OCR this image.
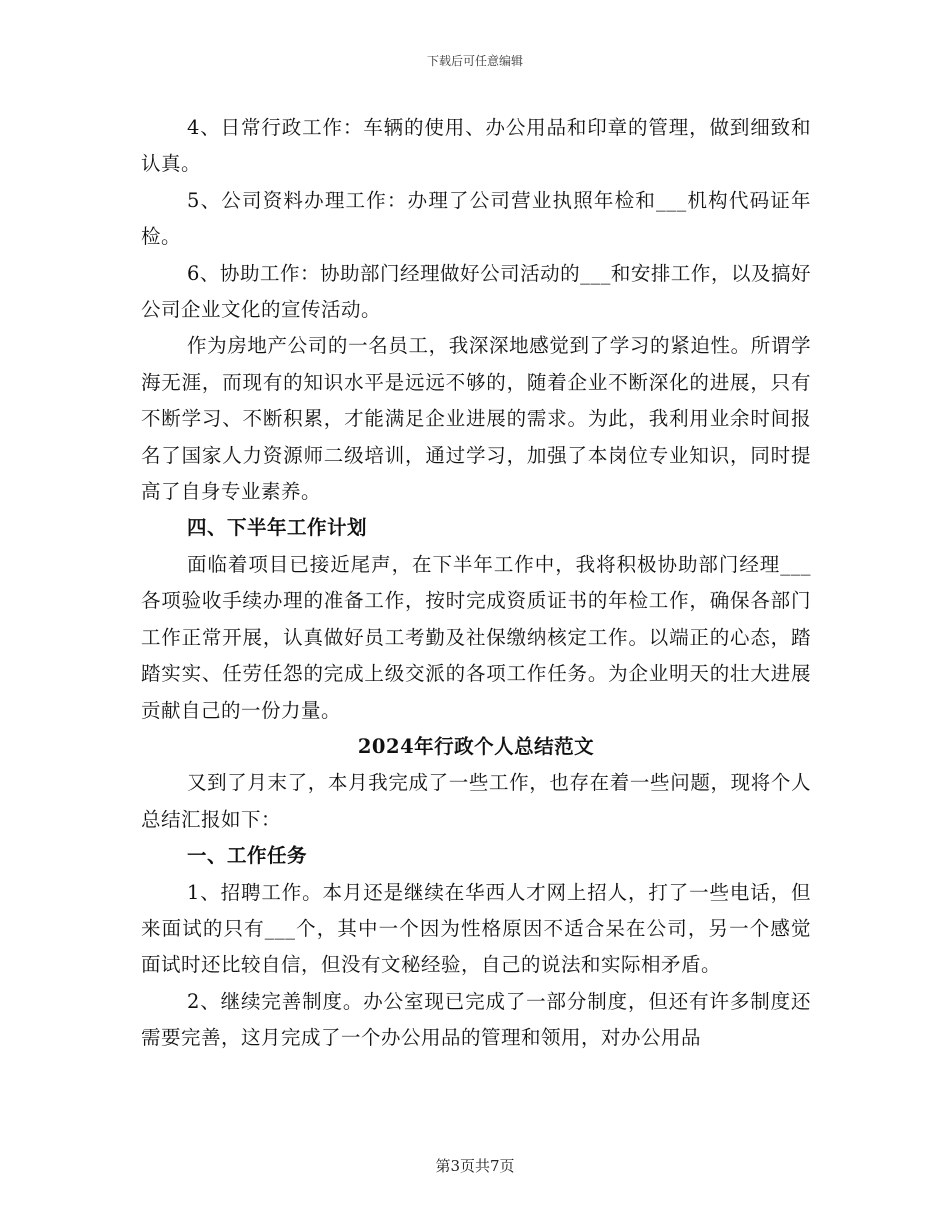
下载后可任意编辑

4、日常行政工作：车辆的使用、办公用品和印章的管理，做到细致和认真。

5、公司资料办理工作：办理了公司营业执照年检和___机构代码证年检。

6、协助工作：协助部门经理做好公司活动的___和安排工作，以及搞好公司企业文化的宣传活动。

作为房地产公司的一名员工，我深深地感觉到了学习的紧迫性。所谓学海无涯，而现有的知识水平是远远不够的，随着企业不断深化的进展，只有不断学习、不断积累，才能满足企业进展的需求。为此，我利用业余时间报名了国家人力资源师二级培训，通过学习，加强了本岗位专业知识，同时提高了自身专业素养。

四、下半年工作计划

面临着项目已接近尾声，在下半年工作中，我将积极协助部门经理___各项验收手续办理的准备工作，按时完成资质证书的年检工作，确保各部门工作正常开展，认真做好员工考勤及社保缴纳核定工作。以端正的心态，踏踏实实、任劳任怨的完成上级交派的各项工作任务。为企业明天的壮大进展贡献自己的一份力量。

2024年行政个人总结范文

又到了月末了，本月我完成了一些工作，也存在着一些问题，现将个人总结汇报如下：

一、工作任务

1、招聘工作。本月还是继续在华西人才网上招人，打了一些电话，但来面试的只有___个，其中一个因为性格原因不适合呆在公司，另一个感觉面试时还比较自信，但没有文秘经验，自己的说法和实际相矛盾。

2、继续完善制度。办公室现已完成了一部分制度，但还有许多制度还需要完善，这月完成了一个办公用品的管理和领用，对办公用品

第3页共7页
